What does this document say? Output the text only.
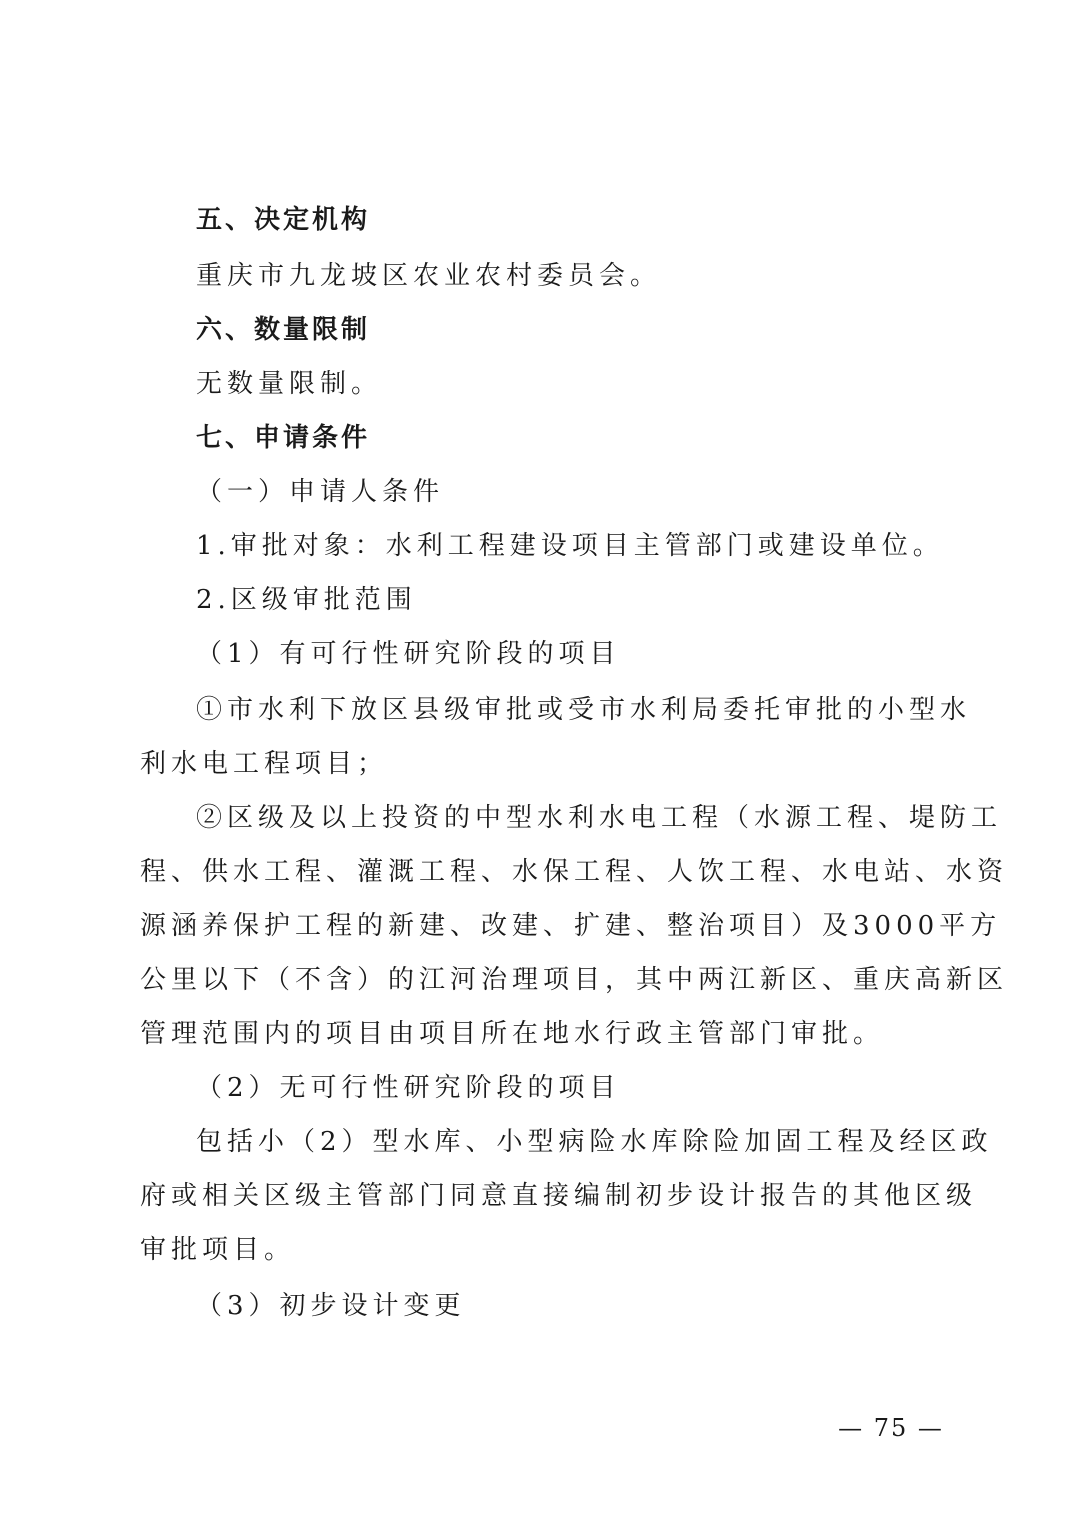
五、决定机构
重庆市九龙坡区农业农村委员会。
六、数量限制
无数量限制。
七、申请条件
（一）申请人条件
1.审批对象：水利工程建设项目主管部门或建设单位。
2.区级审批范围
（1）有可行性研究阶段的项目
①市水利下放区县级审批或受市水利局委托审批的小型水
利水电工程项目；
②区级及以上投资的中型水利水电工程（水源工程、堤防工
程、供水工程、灌溉工程、水保工程、人饮工程、水电站、水资
源涵养保护工程的新建、改建、扩建、整治项目）及3000平方
公里以下（不含）的江河治理项目，其中两江新区、重庆高新区
管理范围内的项目由项目所在地水行政主管部门审批。
（2）无可行性研究阶段的项目
包括小（2）型水库、小型病险水库除险加固工程及经区政
府或相关区级主管部门同意直接编制初步设计报告的其他区级
审批项目。
（3）初步设计变更
— 75 —
